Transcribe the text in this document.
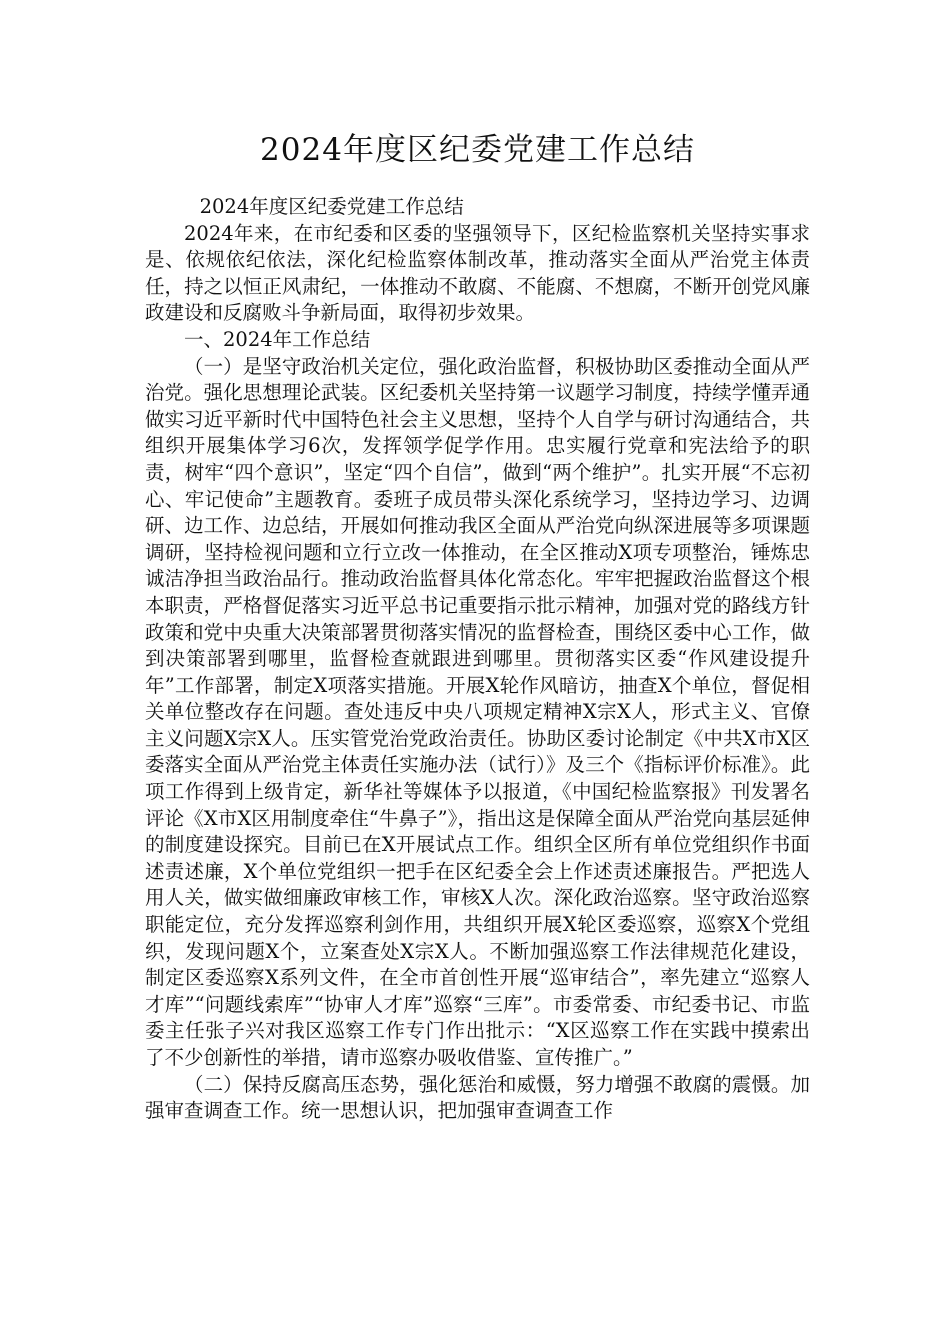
2024年度区纪委党建工作总结

2024年度区纪委党建工作总结

2024年来，在市纪委和区委的坚强领导下，区纪检监察机关坚持实事求是、依规依纪依法，深化纪检监察体制改革，推动落实全面从严治党主体责任，持之以恒正风肃纪，一体推动不敢腐、不能腐、不想腐，不断开创党风廉政建设和反腐败斗争新局面，取得初步效果。

一、2024年工作总结

（一）是坚守政治机关定位，强化政治监督，积极协助区委推动全面从严治党。强化思想理论武装。区纪委机关坚持第一议题学习制度，持续学懂弄通做实习近平新时代中国特色社会主义思想，坚持个人自学与研讨沟通结合，共组织开展集体学习6次，发挥领学促学作用。忠实履行党章和宪法给予的职责，树牢“四个意识”，坚定“四个自信”，做到“两个维护”。扎实开展“不忘初心、牢记使命”主题教育。委班子成员带头深化系统学习，坚持边学习、边调研、边工作、边总结，开展如何推动我区全面从严治党向纵深进展等多项课题调研，坚持检视问题和立行立改一体推动，在全区推动X项专项整治，锤炼忠诚洁净担当政治品行。推动政治监督具体化常态化。牢牢把握政治监督这个根本职责，严格督促落实习近平总书记重要指示批示精神，加强对党的路线方针政策和党中央重大决策部署贯彻落实情况的监督检查，围绕区委中心工作，做到决策部署到哪里，监督检查就跟进到哪里。贯彻落实区委“作风建设提升年”工作部署，制定X项落实措施。开展X轮作风暗访，抽查X个单位，督促相关单位整改存在问题。查处违反中央八项规定精神X宗X人，形式主义、官僚主义问题X宗X人。压实管党治党政治责任。协助区委讨论制定《中共X市X区委落实全面从严治党主体责任实施办法（试行）》及三个《指标评价标准》。此项工作得到上级肯定，新华社等媒体予以报道，《中国纪检监察报》刊发署名评论《X市X区用制度牵住“牛鼻子”》，指出这是保障全面从严治党向基层延伸的制度建设探究。目前已在X开展试点工作。组织全区所有单位党组织作书面述责述廉，X个单位党组织一把手在区纪委全会上作述责述廉报告。严把选人用人关，做实做细廉政审核工作，审核X人次。深化政治巡察。坚守政治巡察职能定位，充分发挥巡察利剑作用，共组织开展X轮区委巡察，巡察X个党组织，发现问题X个，立案查处X宗X人。不断加强巡察工作法律规范化建设，制定区委巡察X系列文件，在全市首创性开展“巡审结合”，率先建立“巡察人才库”“问题线索库”“协审人才库”巡察“三库”。市委常委、市纪委书记、市监委主任张子兴对我区巡察工作专门作出批示：“X区巡察工作在实践中摸索出了不少创新性的举措，请市巡察办吸收借鉴、宣传推广。”

（二）保持反腐高压态势，强化惩治和威慑，努力增强不敢腐的震慑。加强审查调查工作。统一思想认识，把加强审查调查工作
